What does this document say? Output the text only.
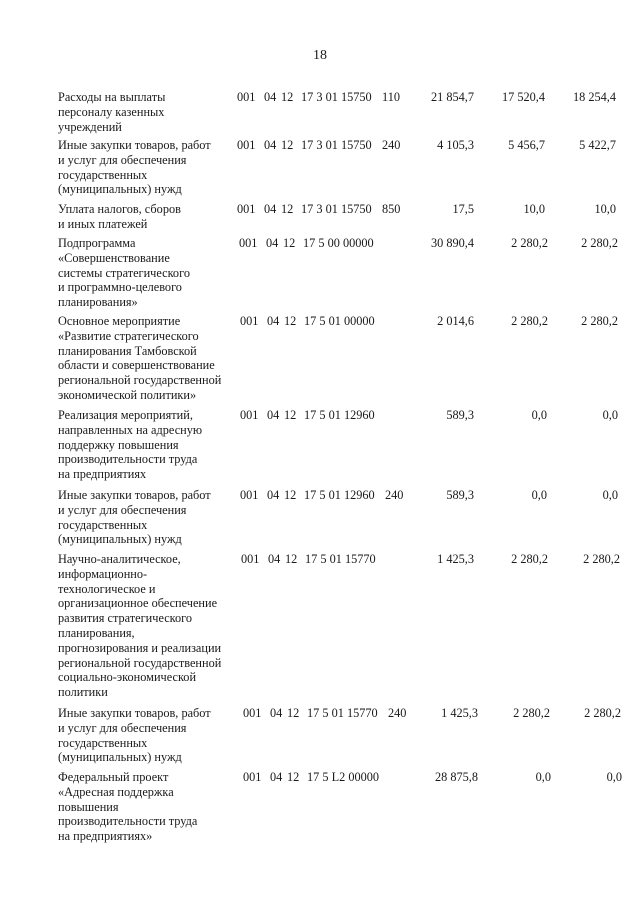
18
Расходы на выплаты
персоналу казенных
учреждений
001 04 12 17 3 01 15750 110	21 854,7	17 520,4	18 254,4
Иные закупки товаров, работ
и услуг для обеспечения
государственных
(муниципальных) нужд
001 04 12 17 3 01 15750 240	4 105,3	5 456,7	5 422,7
Уплата налогов, сборов
и иных платежей
001 04 12 17 3 01 15750 850	17,5	10,0	10,0
Подпрограмма
«Совершенствование
системы стратегического
и программно-целевого
планирования»
001 04 12 17 5 00 00000	30 890,4	2 280,2	2 280,2
Основное мероприятие
«Развитие стратегического
планирования Тамбовской
области и совершенствование
региональной государственной
экономической политики»
001 04 12 17 5 01 00000	2 014,6	2 280,2	2 280,2
Реализация мероприятий,
направленных на адресную
поддержку повышения
производительности труда
на предприятиях
001 04 12 17 5 01 12960	589,3	0,0	0,0
Иные закупки товаров, работ
и услуг для обеспечения
государственных
(муниципальных) нужд
001 04 12 17 5 01 12960 240	589,3	0,0	0,0
Научно-аналитическое,
информационно-
технологическое и
организационное обеспечение
развития стратегического
планирования,
прогнозирования и реализации
региональной государственной
социально-экономической
политики
001 04 12 17 5 01 15770	1 425,3	2 280,2	2 280,2
Иные закупки товаров, работ
и услуг для обеспечения
государственных
(муниципальных) нужд
001 04 12 17 5 01 15770 240	1 425,3	2 280,2	2 280,2
Федеральный проект
«Адресная поддержка
повышения
производительности труда
на предприятиях»
001 04 12 17 5 L2 00000	28 875,8	0,0	0,0
